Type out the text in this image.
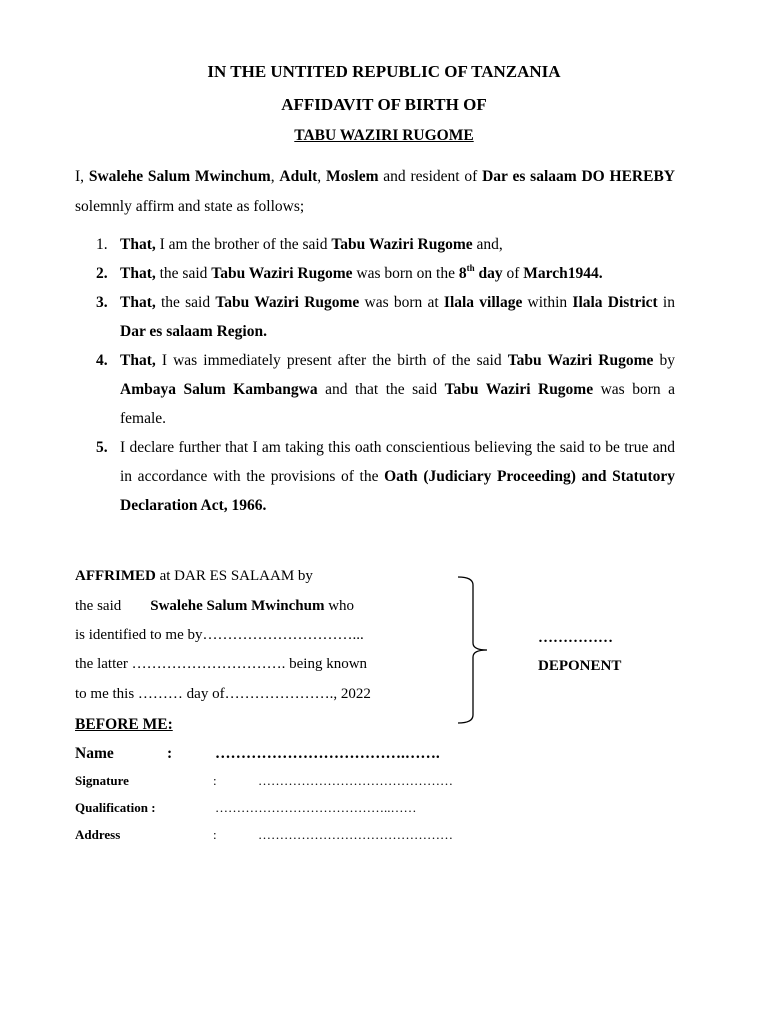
IN THE UNTITED REPUBLIC OF TANZANIA
AFFIDAVIT OF BIRTH OF
TABU WAZIRI RUGOME
I, Swalehe Salum Mwinchum, Adult, Moslem and resident of Dar es salaam DO HEREBY solemnly affirm and state as follows;
1. That, I am the brother of the said Tabu Waziri Rugome and,
2. That, the said Tabu Waziri Rugome was born on the 8th day of March1944.
3. That, the said Tabu Waziri Rugome was born at Ilala village within Ilala District in Dar es salaam Region.
4. That, I was immediately present after the birth of the said Tabu Waziri Rugome by Ambaya Salum Kambangwa and that the said Tabu Waziri Rugome was born a female.
5. I declare further that I am taking this oath conscientious believing the said to be true and in accordance with the provisions of the Oath (Judiciary Proceeding) and Statutory Declaration Act, 1966.
AFFRIMED at DAR ES SALAAM by
the said Swalehe Salum Mwinchum who
is identified to me by…………………………...
the latter …………………………. being known
to me this ……… day of…………………., 2022
……………
DEPONENT
BEFORE ME:
Name	:	……………………………….…….
Signature	:	………………………………………
Qualification :	…………………………………..……
Address	:	………………………………………
